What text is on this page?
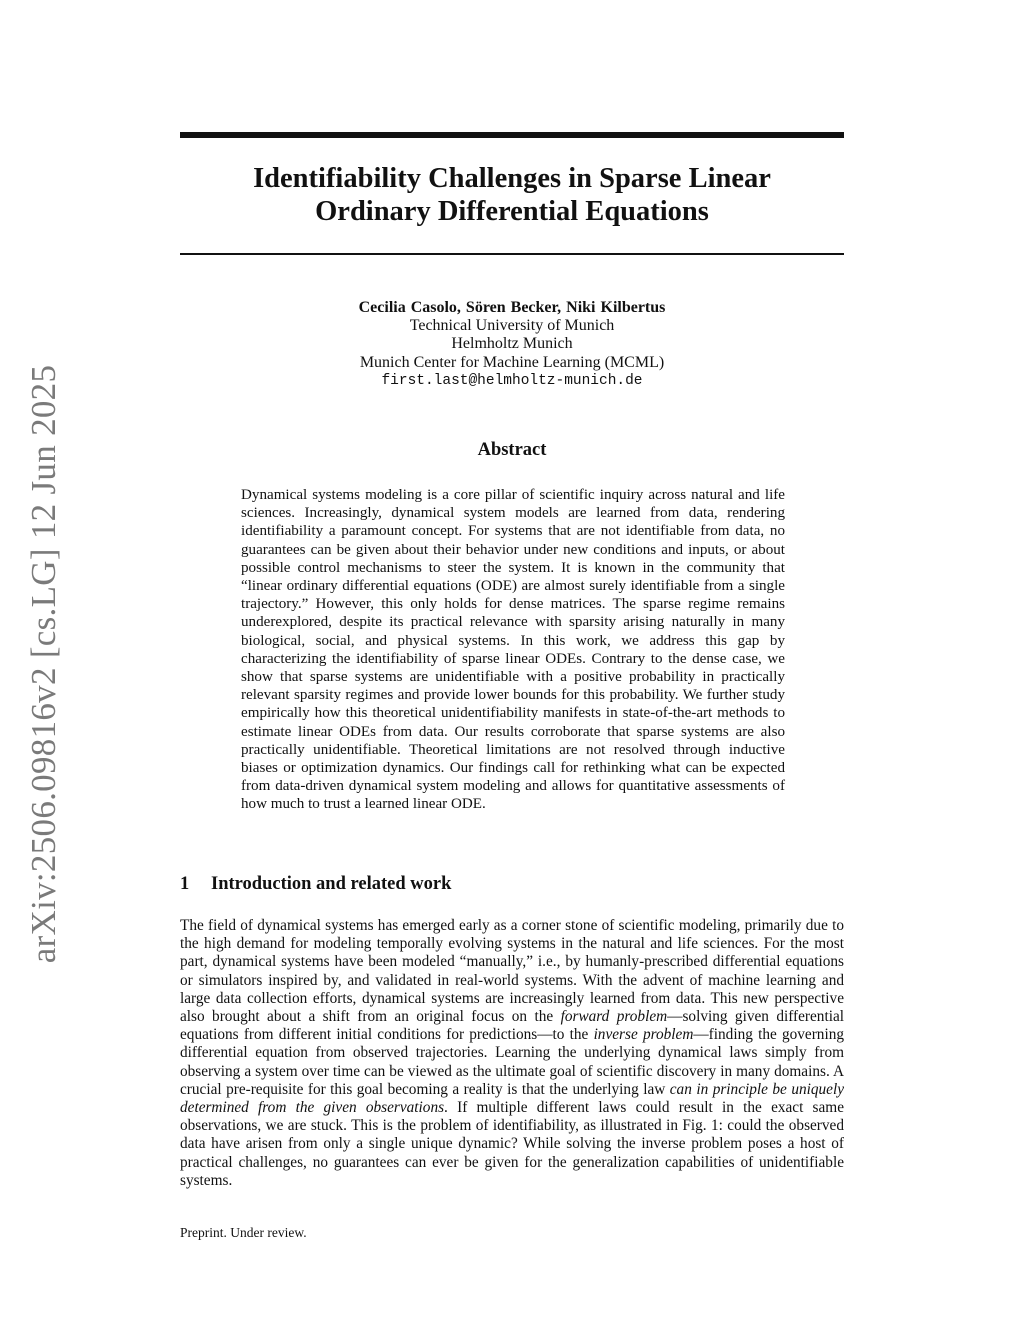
arXiv:2506.09816v2 [cs.LG] 12 Jun 2025
Identifiability Challenges in Sparse Linear
Ordinary Differential Equations
Cecilia Casolo, Sören Becker, Niki Kilbertus
Technical University of Munich
Helmholtz Munich
Munich Center for Machine Learning (MCML)
first.last@helmholtz-munich.de
Abstract

Dynamical systems modeling is a core pillar of scientific inquiry across natural and life sciences. Increasingly, dynamical system models are learned from data, rendering identifiability a paramount concept. For systems that are not identifiable from data, no guarantees can be given about their behavior under new conditions and inputs, or about possible control mechanisms to steer the system. It is known in the community that “linear ordinary differential equations (ODE) are almost surely identifiable from a single trajectory.” However, this only holds for dense matrices. The sparse regime remains underexplored, despite its practical relevance with sparsity arising naturally in many biological, social, and physical systems. In this work, we address this gap by characterizing the identifiability of sparse linear ODEs. Contrary to the dense case, we show that sparse systems are unidentifiable with a positive probability in practically relevant sparsity regimes and provide lower bounds for this probability. We further study empirically how this theoretical unidentifiability manifests in state-of-the-art methods to estimate linear ODEs from data. Our results corroborate that sparse systems are also practically unidentifiable. Theoretical limitations are not resolved through inductive biases or optimization dynamics. Our findings call for rethinking what can be expected from data-driven dynamical system modeling and allows for quantitative assessments of how much to trust a learned linear ODE.

1 Introduction and related work

The field of dynamical systems has emerged early as a corner stone of scientific modeling, primarily due to the high demand for modeling temporally evolving systems in the natural and life sciences. For the most part, dynamical systems have been modeled “manually,” i.e., by humanly-prescribed differential equations or simulators inspired by, and validated in real-world systems. With the advent of machine learning and large data collection efforts, dynamical systems are increasingly learned from data. This new perspective also brought about a shift from an original focus on the forward problem—solving given differential equations from different initial conditions for predictions—to the inverse problem—finding the governing differential equation from observed trajectories. Learning the underlying dynamical laws simply from observing a system over time can be viewed as the ultimate goal of scientific discovery in many domains. A crucial pre-requisite for this goal becoming a reality is that the underlying law can in principle be uniquely determined from the given observations. If multiple different laws could result in the exact same observations, we are stuck. This is the problem of identifiability, as illustrated in Fig. 1: could the observed data have arisen from only a single unique dynamic? While solving the inverse problem poses a host of practical challenges, no guarantees can ever be given for the generalization capabilities of unidentifiable systems.

Preprint. Under review.
